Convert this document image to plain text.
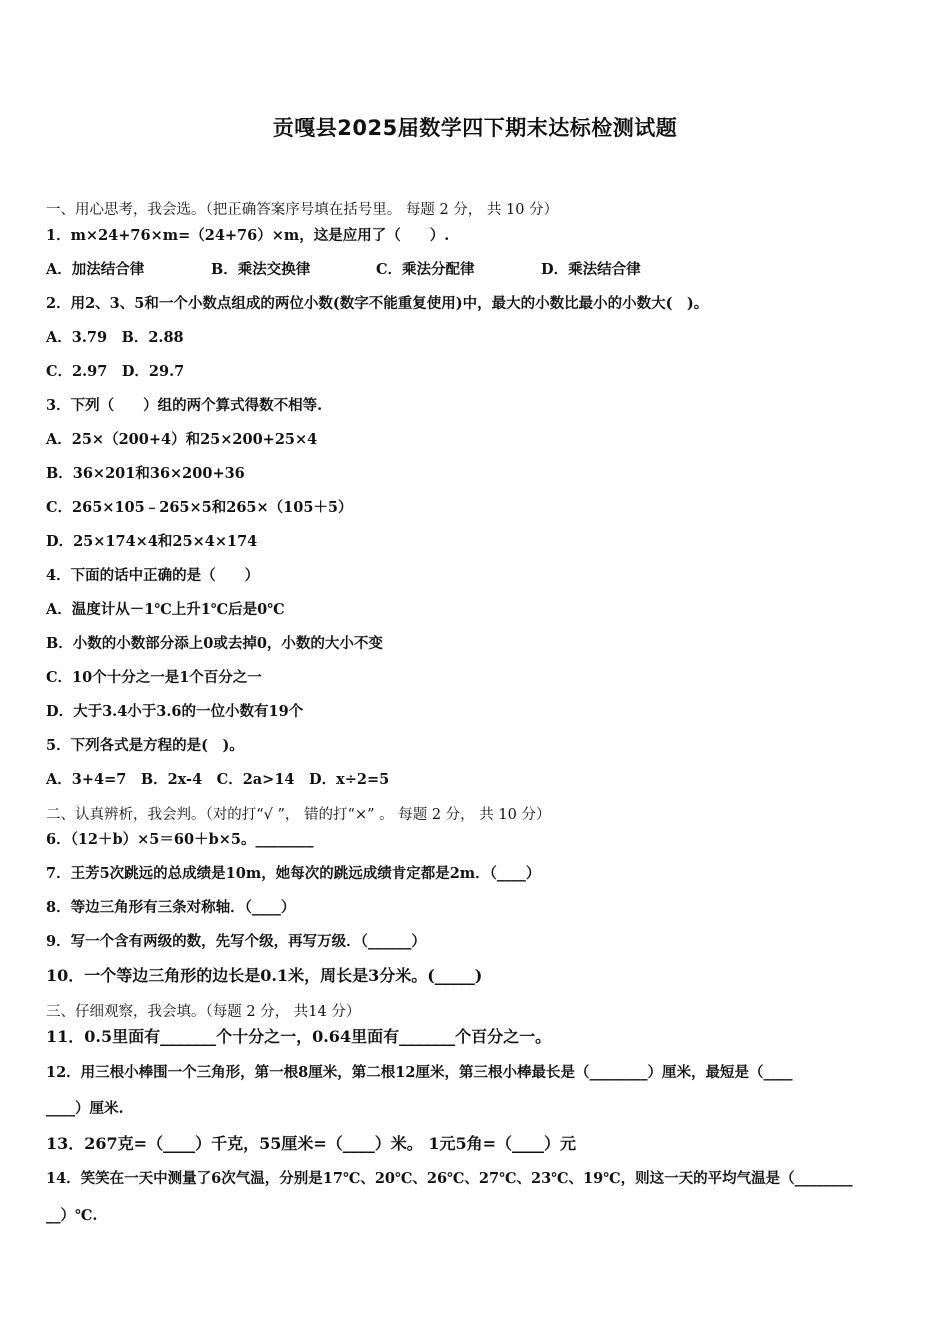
贡嘎县2025届数学四下期末达标检测试题
一、用心思考，我会选。（把正确答案序号填在括号里。 每题 2 分， 共 10 分）
1．m×24+76×m=（24+76）×m，这是应用了（　　）.
A．加法结合律	B．乘法交换律	C．乘法分配律	D．乘法结合律
2．用2、3、5和一个小数点组成的两位小数(数字不能重复使用)中，最大的小数比最小的小数大(　)。
A．3.79　B．2.88
C．2.97　D．29.7
3．下列（　　）组的两个算式得数不相等.
A．25×（200+4）和25×200+25×4
B．36×201和36×200+36
C．265×105﹣265×5和265×（105＋5）
D．25×174×4和25×4×174
4．下面的话中正确的是（　　）
A．温度计从－1℃上升1℃后是0℃
B．小数的小数部分添上0或去掉0，小数的大小不变
C．10个十分之一是1个百分之一
D．大于3.4小于3.6的一位小数有19个
5．下列各式是方程的是(　)。
A．3+4=7　B．2x-4　C．2a>14　D．x÷2=5
二、认真辨析，我会判。（对的打“√ ”， 错的打“×” 。 每题 2 分， 共 10 分）
6．（12＋b）×5＝60＋b×5。________
7．王芳5次跳远的总成绩是10m，她每次的跳远成绩肯定都是2m．（____）
8．等边三角形有三条对称轴．（____）
9．写一个含有两级的数，先写个级，再写万级．（______）
10．一个等边三角形的边长是0.1米，周长是3分米。(_____)
三、仔细观察，我会填。（每题 2 分， 共14 分）
11．0.5里面有_______个十分之一，0.64里面有_______个百分之一。
12．用三根小棒围一个三角形，第一根8厘米，第二根12厘米，第三根小棒最长是（________）厘米，最短是（____
____）厘米.
13．267克=（____）千克，55厘米=（____）米。 1元5角=（____）元
14．笑笑在一天中测量了6次气温，分别是17℃、20℃、26℃、27℃、23℃、19℃，则这一天的平均气温是（________
__）℃.
